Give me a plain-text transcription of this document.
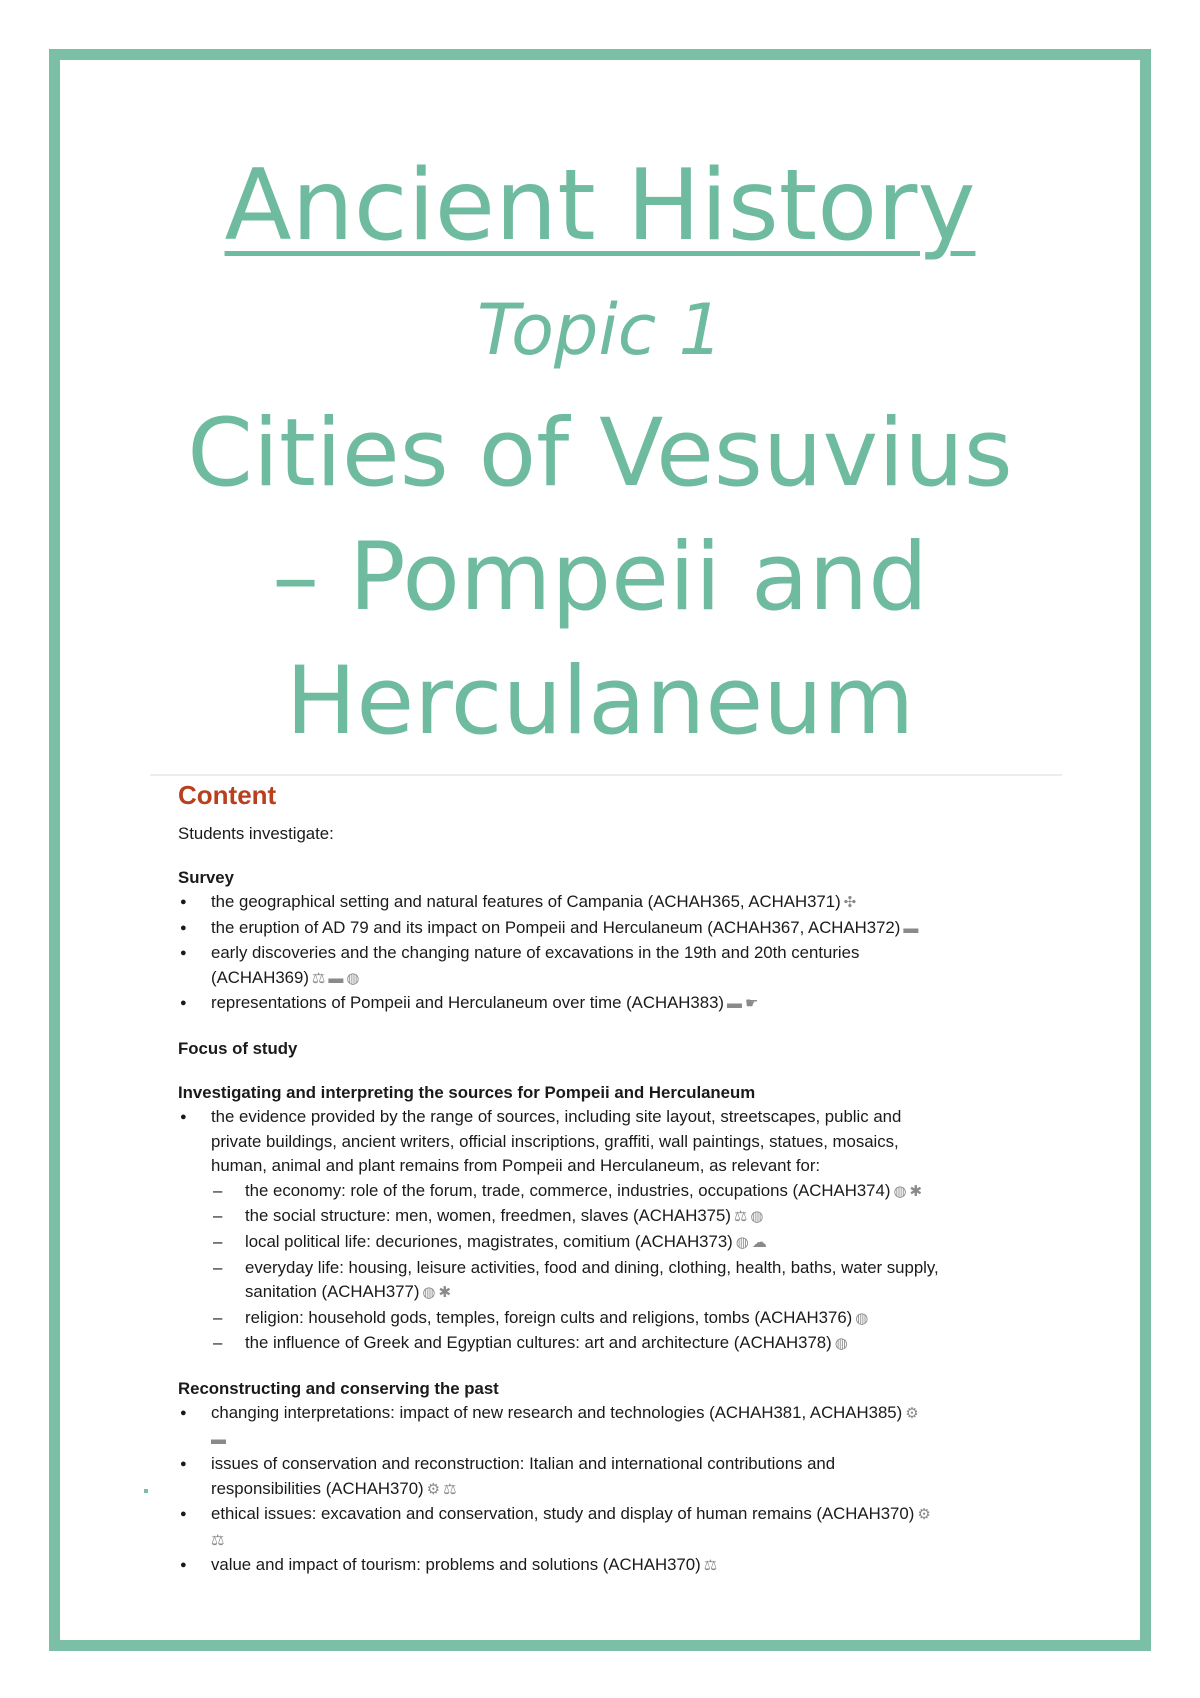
Ancient History
Topic 1
Cities of Vesuvius
– Pompeii and
Herculaneum
Content
Students investigate:
Survey
● the geographical setting and natural features of Campania (ACHAH365, ACHAH371) ✣
● the eruption of AD 79 and its impact on Pompeii and Herculaneum (ACHAH367, ACHAH372) ▬
● early discoveries and the changing nature of excavations in the 19th and 20th centuries
(ACHAH369) ⚖ ▬ ◍
● representations of Pompeii and Herculaneum over time (ACHAH383) ▬ ☛
Focus of study
Investigating and interpreting the sources for Pompeii and Herculaneum
● the evidence provided by the range of sources, including site layout, streetscapes, public and
private buildings, ancient writers, official inscriptions, graffiti, wall paintings, statues, mosaics,
human, animal and plant remains from Pompeii and Herculaneum, as relevant for:
– the economy: role of the forum, trade, commerce, industries, occupations (ACHAH374) ◍ ✱
– the social structure: men, women, freedmen, slaves (ACHAH375) ⚖ ◍
– local political life: decuriones, magistrates, comitium (ACHAH373) ◍ ☁
– everyday life: housing, leisure activities, food and dining, clothing, health, baths, water supply,
sanitation (ACHAH377) ◍ ✱
– religion: household gods, temples, foreign cults and religions, tombs (ACHAH376) ◍
– the influence of Greek and Egyptian cultures: art and architecture (ACHAH378) ◍
Reconstructing and conserving the past
● changing interpretations: impact of new research and technologies (ACHAH381, ACHAH385) ⚙
▬
● issues of conservation and reconstruction: Italian and international contributions and
responsibilities (ACHAH370) ⚙ ⚖
● ethical issues: excavation and conservation, study and display of human remains (ACHAH370) ⚙
⚖
● value and impact of tourism: problems and solutions (ACHAH370) ⚖
